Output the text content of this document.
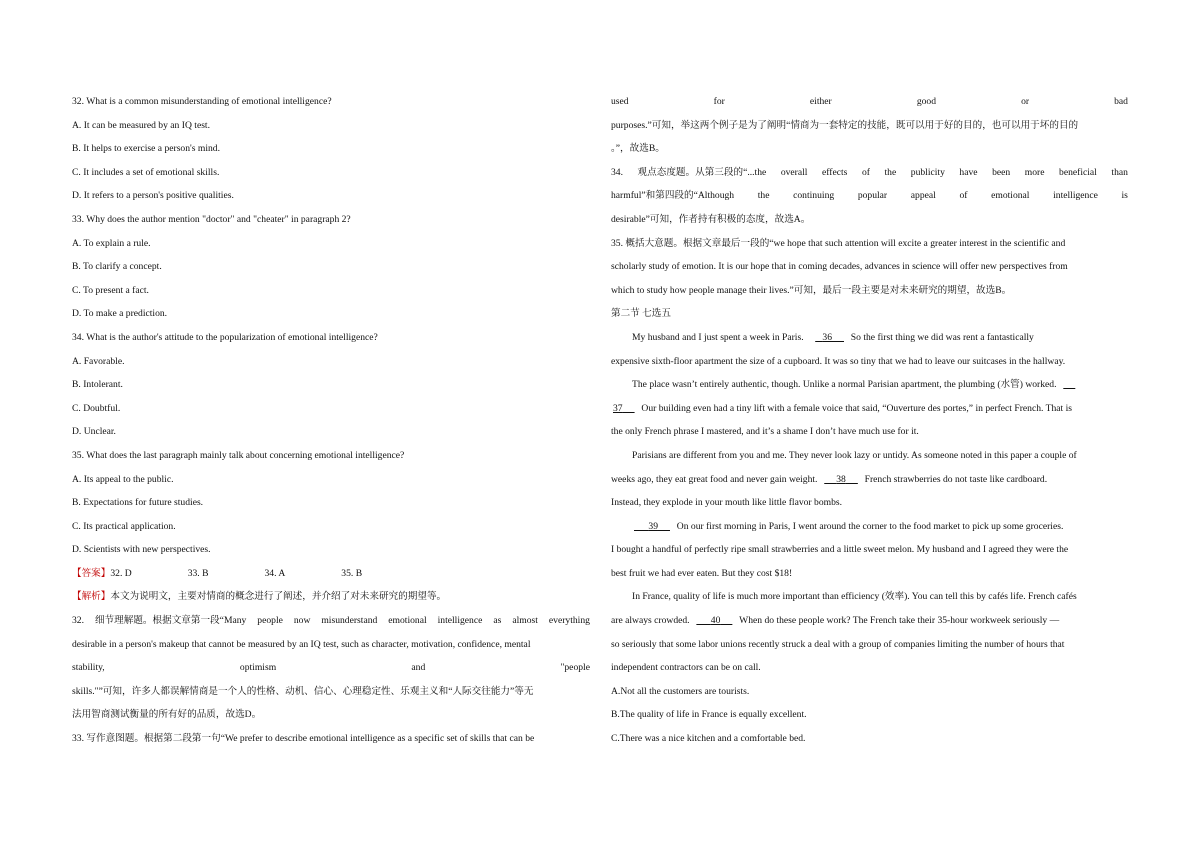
32. What is a common misunderstanding of emotional intelligence?
A. It can be measured by an IQ test.
B. It helps to exercise a person's mind.
C. It includes a set of emotional skills.
D. It refers to a person's positive qualities.
33. Why does the author mention "doctor" and "cheater" in paragraph 2?
A. To explain a rule.
B. To clarify a concept.
C. To present a fact.
D. To make a prediction.
34. What is the author's attitude to the popularization of emotional intelligence?
A. Favorable.
B. Intolerant.
C. Doubtful.
D. Unclear.
35. What does the last paragraph mainly talk about concerning emotional intelligence?
A. Its appeal to the public.
B. Expectations for future studies.
C. Its practical application.
D. Scientists with new perspectives.
【答案】32. D	33. B	34. A	35. B
【解析】本文为说明文，主要对情商的概念进行了阐述，并介绍了对未来研究的期望等。
32. 细节理解题。根据文章第一段“Many people now misunderstand emotional intelligence as almost everything
desirable in a person's makeup that cannot be measured by an IQ test, such as character, motivation, confidence, mental
stability,	optimism	and	"people
skills."”可知，许多人都误解情商是一个人的性格、动机、信心、心理稳定性、乐观主义和“人际交往能力”等无
法用智商测试衡量的所有好的品质，故选D。
33. 写作意图题。根据第二段第一句“We prefer to describe emotional intelligence as a specific set of skills that can be
used	for	either	good	or	bad
purposes.”可知，举这两个例子是为了阐明“情商为一套特定的技能，既可以用于好的目的，也可以用于坏的目的
。”，故选B。
34. 观点态度题。从第三段的“...the overall effects of the publicity have been more beneficial than
harmful”和第四段的“Although the continuing popular appeal of emotional intelligence is
desirable”可知，作者持有积极的态度，故选A。
35. 概括大意题。根据文章最后一段的“we hope that such attention will excite a greater interest in the scientific and
scholarly study of emotion. It is our hope that in coming decades, advances in science will offer new perspectives from
which to study how people manage their lives.”可知，最后一段主要是对未来研究的期望，故选B。
第二节 七选五
My husband and I just spent a week in Paris. 36 So the first thing we did was rent a fantastically
expensive sixth-floor apartment the size of a cupboard. It was so tiny that we had to leave our suitcases in the hallway.
The place wasn’t entirely authentic, though. Unlike a normal Parisian apartment, the plumbing (水管) worked.
37 Our building even had a tiny lift with a female voice that said, “Ouverture des portes,” in perfect French. That is
the only French phrase I mastered, and it’s a shame I don’t have much use for it.
Parisians are different from you and me. They never look lazy or untidy. As someone noted in this paper a couple of
weeks ago, they eat great food and never gain weight. 38 French strawberries do not taste like cardboard.
Instead, they explode in your mouth like little flavor bombs.
39 On our first morning in Paris, I went around the corner to the food market to pick up some groceries.
I bought a handful of perfectly ripe small strawberries and a little sweet melon. My husband and I agreed they were the
best fruit we had ever eaten. But they cost $18!
In France, quality of life is much more important than efficiency (效率). You can tell this by cafés life. French cafés
are always crowded. 40 When do these people work? The French take their 35-hour workweek seriously —
so seriously that some labor unions recently struck a deal with a group of companies limiting the number of hours that
independent contractors can be on call.
A.Not all the customers are tourists.
B.The quality of life in France is equally excellent.
C.There was a nice kitchen and a comfortable bed.
